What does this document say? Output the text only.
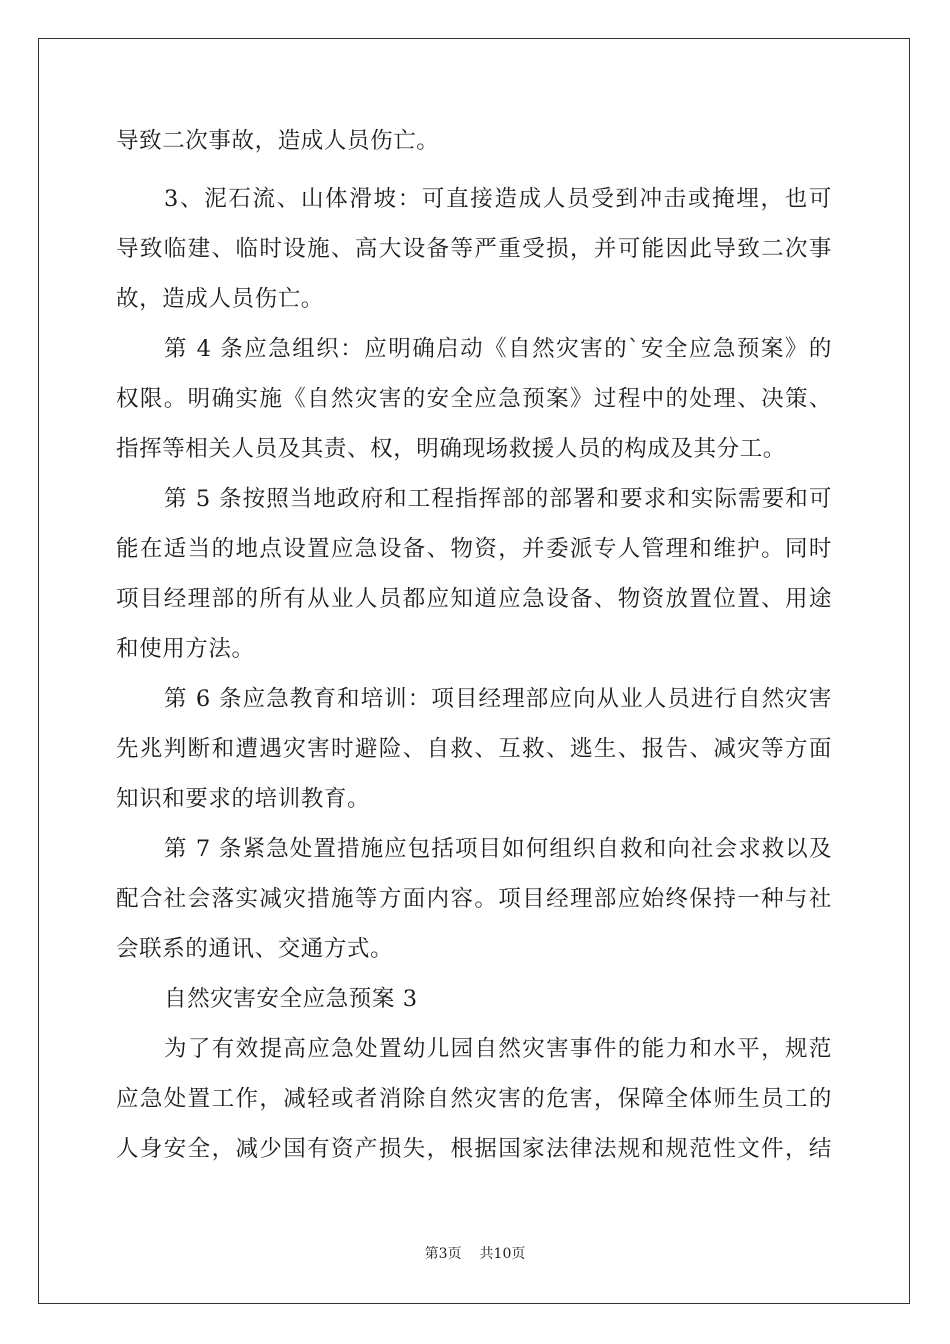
导致二次事故，造成人员伤亡。
3、泥石流、山体滑坡：可直接造成人员受到冲击或掩埋，也可
导致临建、临时设施、高大设备等严重受损，并可能因此导致二次事
故，造成人员伤亡。
第 4 条应急组织：应明确启动《自然灾害的`安全应急预案》的
权限。明确实施《自然灾害的安全应急预案》过程中的处理、决策、
指挥等相关人员及其责、权，明确现场救援人员的构成及其分工。
第 5 条按照当地政府和工程指挥部的部署和要求和实际需要和可
能在适当的地点设置应急设备、物资，并委派专人管理和维护。同时
项目经理部的所有从业人员都应知道应急设备、物资放置位置、用途
和使用方法。
第 6 条应急教育和培训：项目经理部应向从业人员进行自然灾害
先兆判断和遭遇灾害时避险、自救、互救、逃生、报告、减灾等方面
知识和要求的培训教育。
第 7 条紧急处置措施应包括项目如何组织自救和向社会求救以及
配合社会落实减灾措施等方面内容。项目经理部应始终保持一种与社
会联系的通讯、交通方式。
自然灾害安全应急预案 3
为了有效提高应急处置幼儿园自然灾害事件的能力和水平，规范
应急处置工作，减轻或者消除自然灾害的危害，保障全体师生员工的
人身安全，减少国有资产损失，根据国家法律法规和规范性文件，结
第3页 共10页
